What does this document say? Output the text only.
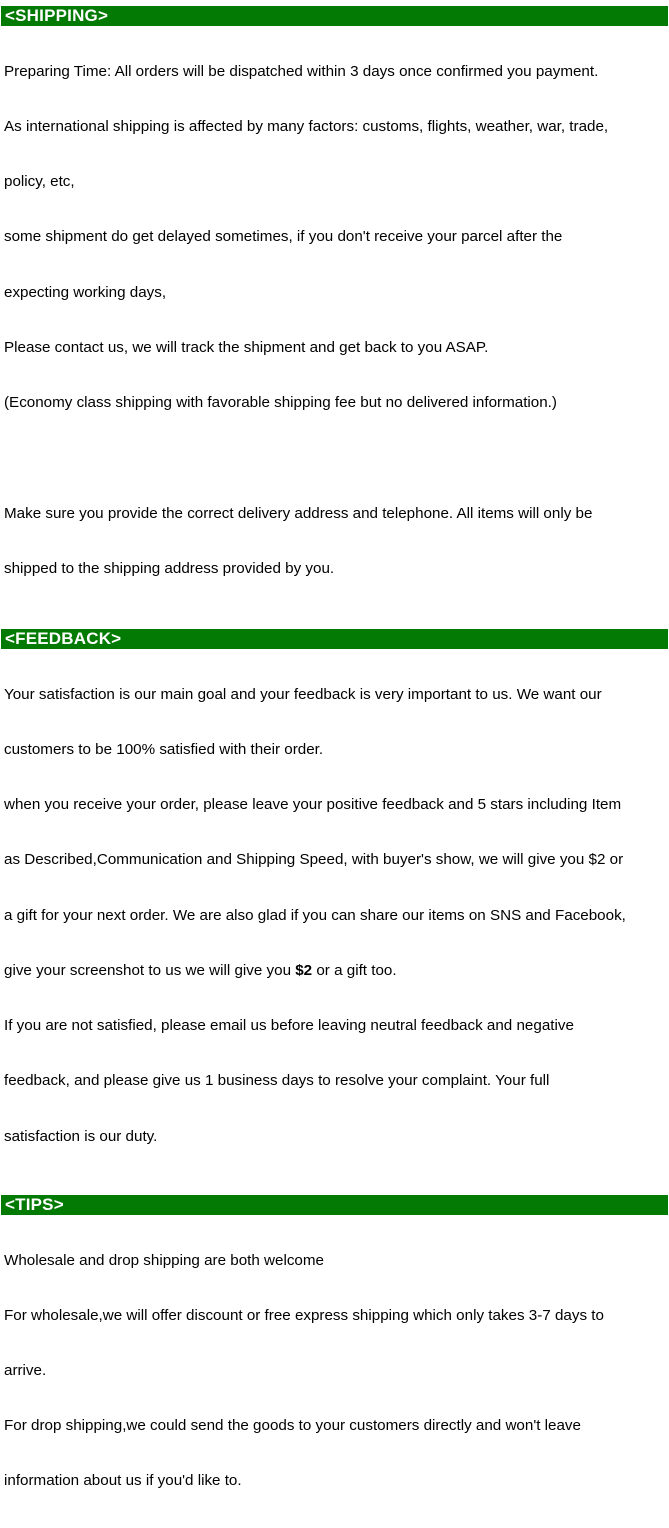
<SHIPPING>

Preparing Time: All orders will be dispatched within 3 days once confirmed you payment.

As international shipping is affected by many factors: customs, flights, weather, war, trade,

policy, etc,

some shipment do get delayed sometimes, if you don't receive your parcel after the

expecting working days,

Please contact us, we will track the shipment and get back to you ASAP.

(Economy class shipping with favorable shipping fee but no delivered information.)

Make sure you provide the correct delivery address and telephone. All items will only be

shipped to the shipping address provided by you.

<FEEDBACK>

Your satisfaction is our main goal and your feedback is very important to us. We want our

customers to be 100% satisfied with their order.

when you receive your order, please leave your positive feedback and 5 stars including Item

as Described,Communication and Shipping Speed, with buyer's show, we will give you $2 or

a gift for your next order. We are also glad if you can share our items on SNS and Facebook,

give your screenshot to us we will give you $2 or a gift too.

If you are not satisfied, please email us before leaving neutral feedback and negative

feedback, and please give us 1 business days to resolve your complaint. Your full

satisfaction is our duty.

<TIPS>

Wholesale and drop shipping are both welcome

For wholesale,we will offer discount or free express shipping which only takes 3-7 days to

arrive.

For drop shipping,we could send the goods to your customers directly and won't leave

information about us if you'd like to.
